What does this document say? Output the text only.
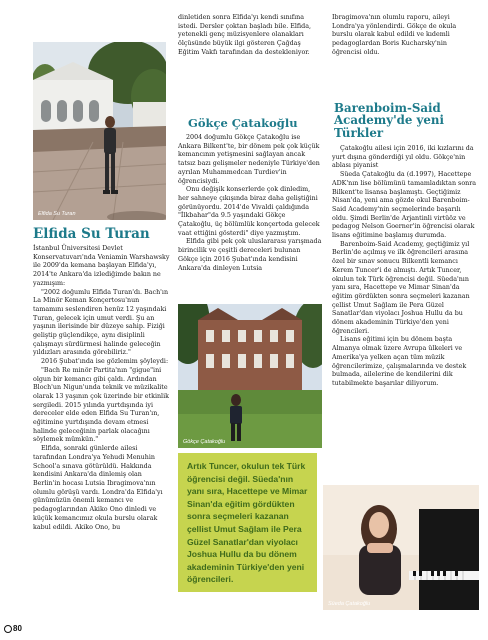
Elfida Su Turan
Elfida Su Turan

İstanbul Üniversitesi Devlet Konservatuvarı'nda Veniamin Warshawsky ile 2009'da kemana başlayan Elfida'yı, 2014'te Ankara'da izlediğimde bakın ne yazmışım:

"2002 doğumlu Elfida Turan'dı. Bach'ın La Minör Keman Konçertosu'nun tamamını seslendiren henüz 12 yaşındaki Turan, gelecek için umut verdi. Şu an yaşının ilerisinde bir düzeye sahip. Fiziği geliştip güçlendikçe, aynı disiplinli çalışmayı sürdürmesi halinde geleceğin yıldızları arasında görebiliriz."

2016 Şubat'ında ise gözlemim şöyleydi:

"Bach Re minör Partita'nın "gigue"ini olgun bir kemancı gibi çaldı. Ardından Bloch'un Nigun'unda teknik ve müzikalite olarak 13 yaşının çok üzerinde bir etkinlik sergiledi. 2015 yılında yurtdışında iyi dereceler elde eden Elfida Su Turan'ın, eğitimine yurtdışında devam etmesi halinde geleceğinin parlak olacağını söylemek mümkün."

Elfida, sonraki günlerde ailesi tarafından Londra'ya Yehudi Menuhin School'a sınava götürüldü. Hakkında kendisini Ankara'da dinlemiş olan Berlin'in hocası Lutsia Ibragimova'nın olumlu görüşü vardı. Londra'da Elfida'yı günümüzün önemli kemancı ve pedagoglarından Akiko Ono dinledi ve küçük kemancımız okula burslu olarak kabul edildi. Akiko Ono, bu

dinletiden sonra Elfida'yı kendi sınıfına istedi. Dersler çoktan başladı bile. Elfida, yetenekli genç müzisyenlere olanakları ölçüsünde büyük ilgi gösteren Çağdaş Eğitim Vakfı tarafından da destekleniyor.

Gökçe Çatakoğlu

2004 doğumlu Gökçe Çatakoğlu ise Ankara Bilkent'te, bir dönem pek çok küçük kemancının yetişmesini sağlayan ancak tatsız bazı gelişmeler nedeniyle Türkiye'den ayrılan Muhammedcan Turdiev'in öğrencisiydi.

Onu değişik konserlerde çok dinledim, her sahneye çıkışında biraz daha geliştiğini görünüyordu. 2014'de Vivaldi çaldığında "İlkbahar"da 9.5 yaşındaki Gökçe Çatakoğlu, üç bölümlük konçertoda gelecek vaat ettiğini gösterdi" diye yazmıştım.

Elfida gibi pek çok uluslararası yarışmada birincilik ve çeşitli dereceleri bulunan Gökçe için 2016 Şubat'ında kendisini Ankara'da dinleyen Lutsia

Gökçe Çatakoğlu
Artık Tuncer, okulun tek Türk öğrencisi değil. Süeda'nın yanı sıra, Hacettepe ve Mimar Sinan'da eğitim gördükten sonra seçmeleri kazanan çellist Umut Sağlam ile Pera Güzel Sanatlar'dan viyolacı Joshua Hullu da bu dönem akademinin Türkiye'den yeni öğrencileri.

Ibragimova'nın olumlu raporu, aileyi Londra'ya yönlendirdi. Gökçe de okula burslu olarak kabul edildi ve kıdemli pedagoglardan Boris Kucharsky'nin öğrencisi oldu.

Barenboim-Said Academy'de yeni Türkler

Çatakoğlu ailesi için 2016, iki kızlarını da yurt dışına gönderdiği yıl oldu. Gökçe'nin ablası piyanist

Süeda Çatakoğlu da (d.1997), Hacettepe ADK'nın lise bölümünü tamamladıktan sonra Bilkent'te lisansa başlamıştı. Geçtiğimiz Nisan'da, yeni ama gözde okul Barenboim-Said Academy'nin seçmelerinde başarılı oldu. Şimdi Berlin'de Arjantinli virtüöz ve pedagog Nelson Goerner'in öğrencisi olarak lisans eğitimine başlamış durumda.

Barenboim-Said Academy, geçtiğimiz yıl Berlin'de açılmış ve ilk öğrencileri arasına özel bir sınav sonucu Bilkentli kemancı Kerem Tuncer'i de almıştı. Artık Tuncer, okulun tek Türk öğrencisi değil. Süeda'nın yanı sıra, Hacettepe ve Mimar Sinan'da eğitim gördükten sonra seçmeleri kazanan çellist Umut Sağlam ile Pera Güzel Sanatlar'dan viyolacı Joshua Hullu da bu dönem akademinin Türkiye'den yeni öğrencileri.

Lisans eğitimi için bu dönem başta Almanya olmak üzere Avrupa ülkeleri ve Amerika'ya yelken açan tüm müzik öğrencilerimize, çalışmalarında ve destek bulmada, ailelerine de kendilerini dik tutabilmekte başarılar diliyorum.

Süeda Çatakoğlu
80
